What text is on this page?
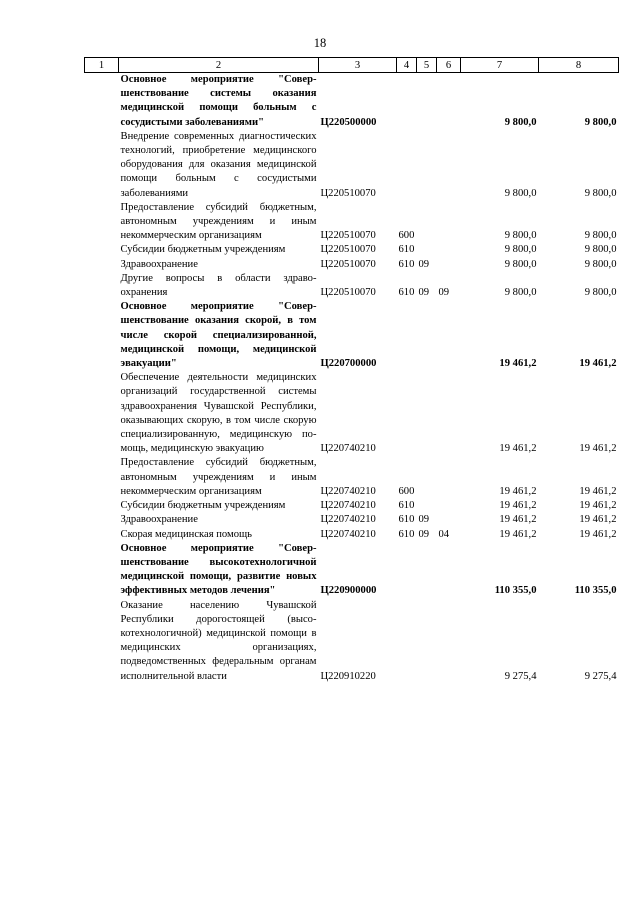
18
1	2	3	4	5	6	7	8
	Основное мероприятие "Совершенствование системы оказания медицинской помощи больным с сосудистыми заболеваниями"	Ц220500000				9 800,0	9 800,0
	Внедрение современных диагностических технологий, приобретение медицинского оборудования для оказания медицинской помощи больным с сосудистыми заболеваниями	Ц220510070				9 800,0	9 800,0
	Предоставление субсидий бюджетным, автономным учреждениям и иным некоммерческим организациям	Ц220510070	600			9 800,0	9 800,0
	Субсидии бюджетным учреждениям	Ц220510070	610			9 800,0	9 800,0
	Здравоохранение	Ц220510070	610	09		9 800,0	9 800,0
	Другие вопросы в области здравоохранения	Ц220510070	610	09	09	9 800,0	9 800,0
	Основное мероприятие "Совершенствование оказания скорой, в том числе скорой специализированной, медицинской помощи, медицинской эвакуации"	Ц220700000				19 461,2	19 461,2
	Обеспечение деятельности медицинских организаций государственной системы здравоохранения Чувашской Республики, оказывающих скорую, в том числе скорую специализированную, медицинскую помощь, медицинскую эвакуацию	Ц220740210				19 461,2	19 461,2
	Предоставление субсидий бюджетным, автономным учреждениям и иным некоммерческим организациям	Ц220740210	600			19 461,2	19 461,2
	Субсидии бюджетным учреждениям	Ц220740210	610			19 461,2	19 461,2
	Здравоохранение	Ц220740210	610	09		19 461,2	19 461,2
	Скорая медицинская помощь	Ц220740210	610	09	04	19 461,2	19 461,2
	Основное мероприятие "Совершенствование высокотехнологичной медицинской помощи, развитие новых эффективных методов лечения"	Ц220900000				110 355,0	110 355,0
	Оказание населению Чувашской Республики дорогостоящей (высокотехнологичной) медицинской помощи в медицинских организациях, подведомственных федеральным органам исполнительной власти	Ц220910220				9 275,4	9 275,4
